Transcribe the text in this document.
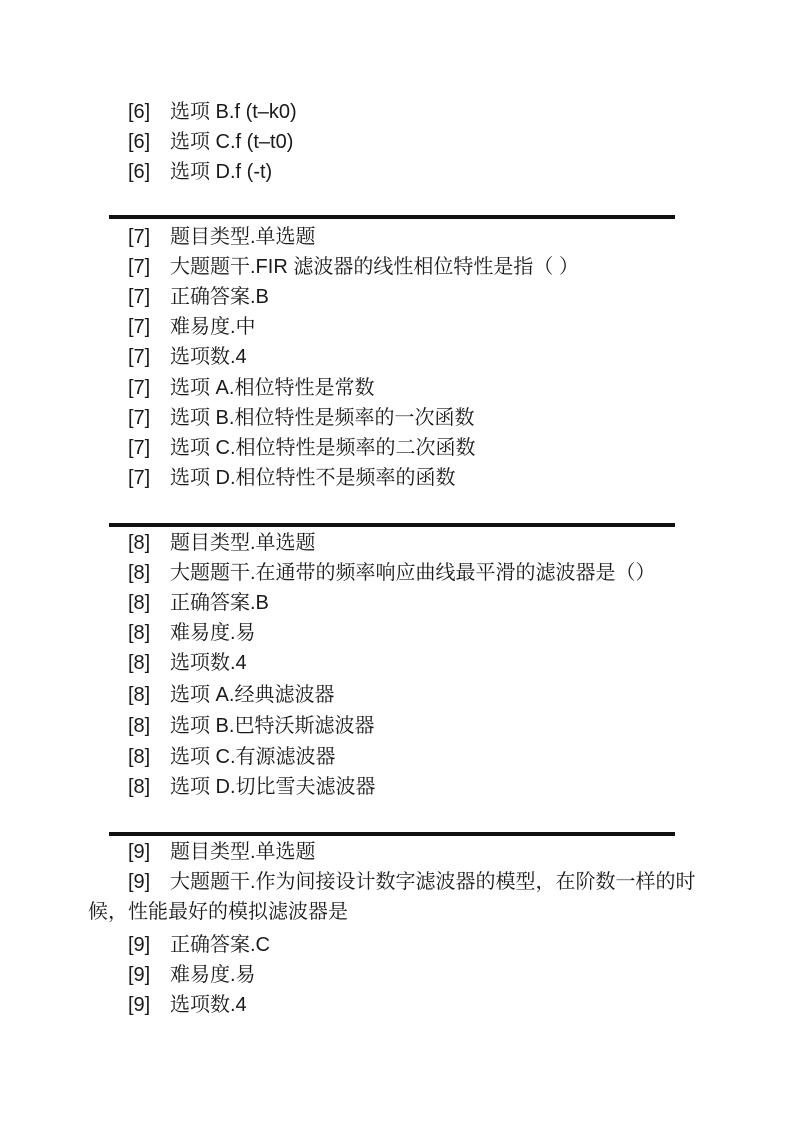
[6] 选项 B.f (t–k0)
[6] 选项 C.f (t–t0)
[6] 选项 D.f (-t)
[7] 题目类型.单选题
[7] 大题题干.FIR 滤波器的线性相位特性是指（ ）
[7] 正确答案.B
[7] 难易度.中
[7] 选项数.4
[7] 选项 A.相位特性是常数
[7] 选项 B.相位特性是频率的一次函数
[7] 选项 C.相位特性是频率的二次函数
[7] 选项 D.相位特性不是频率的函数
[8] 题目类型.单选题
[8] 大题题干.在通带的频率响应曲线最平滑的滤波器是（）
[8] 正确答案.B
[8] 难易度.易
[8] 选项数.4
[8] 选项 A.经典滤波器
[8] 选项 B.巴特沃斯滤波器
[8] 选项 C.有源滤波器
[8] 选项 D.切比雪夫滤波器
[9] 题目类型.单选题
[9] 大题题干.作为间接设计数字滤波器的模型，在阶数一样的时
候，性能最好的模拟滤波器是
[9] 正确答案.C
[9] 难易度.易
[9] 选项数.4
